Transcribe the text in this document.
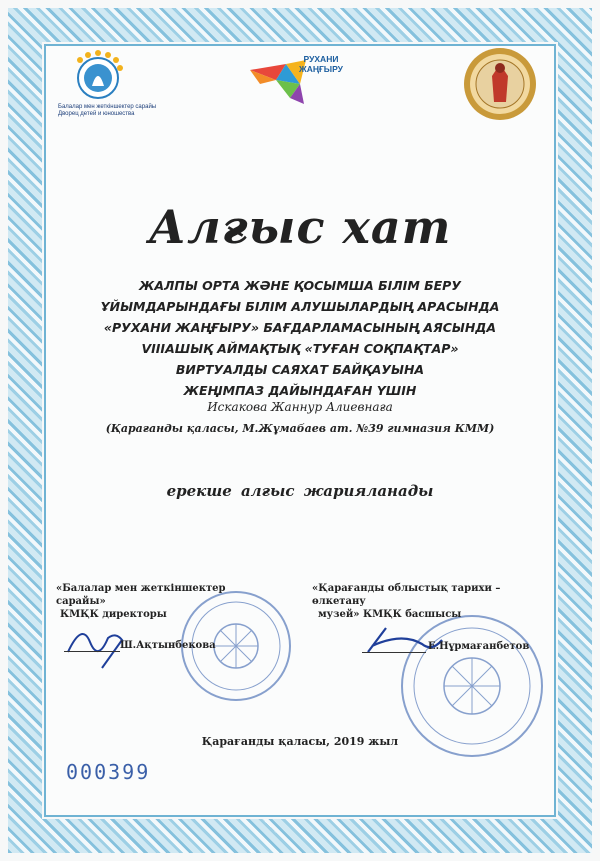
Балалар мен жеткіншектер сарайы
Дворец детей и юношества
РУХАНИ
ЖАҢҒЫРУ
Алғыс хат
ЖАЛПЫ ОРТА ЖӘНЕ ҚОСЫМША БІЛІМ БЕРУ
ҰЙЫМДАРЫНДАҒЫ БІЛІМ АЛУШЫЛАРДЫҢ АРАСЫНДА
«РУХАНИ ЖАҢҒЫРУ» БАҒДАРЛАМАСЫНЫҢ АЯСЫНДА
VIIIАШЫҚ АЙМАҚТЫҚ «ТУҒАН СОҚПАҚТАР»
ВИРТУАЛДЫ САЯХАТ БАЙҚАУЫНА
ЖЕҢІМПАЗ ДАЙЫНДАҒАН ҮШІН
Искакова Жаннур Алиевнаға
(Қарағанды қаласы, М.Жұмабаев ат. №39 гимназия КММ)
ерекше алғыс жарияланады
«Балалар мен жеткіншектер сарайы»
КМҚК директоры
«Қарағанды облыстық тарихи – өлкетану
музей» КМҚК басшысы
Ш.Ақтынбекова	Е.Нұрмағанбетов
Қарағанды қаласы, 2019 жыл
000399
